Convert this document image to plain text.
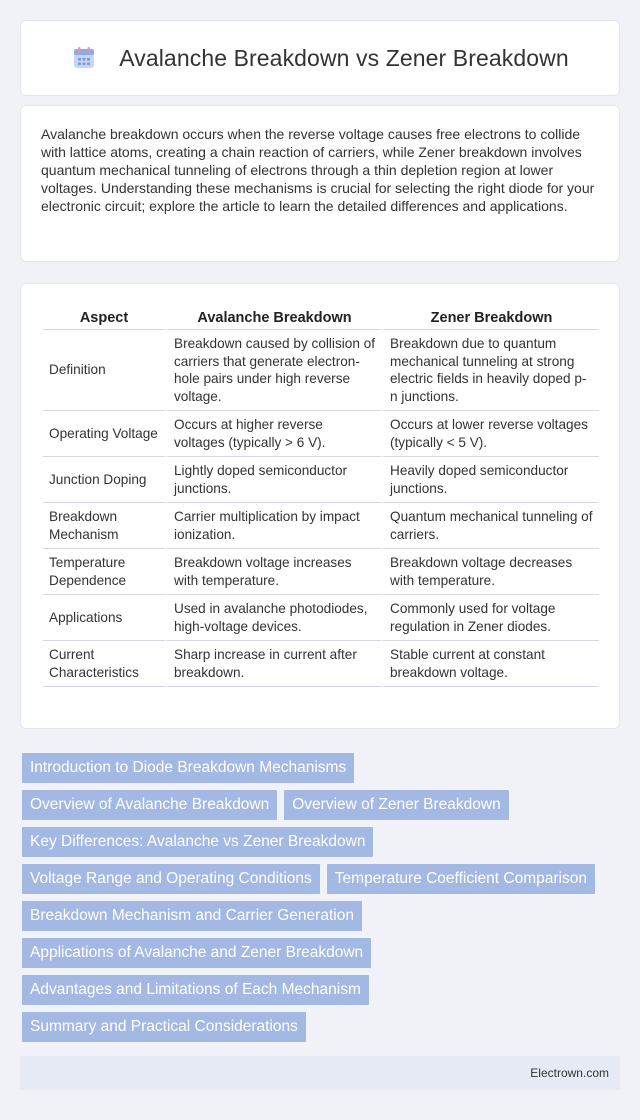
Avalanche Breakdown vs Zener Breakdown

Avalanche breakdown occurs when the reverse voltage causes free electrons to collide with lattice atoms, creating a chain reaction of carriers, while Zener breakdown involves quantum mechanical tunneling of electrons through a thin depletion region at lower voltages. Understanding these mechanisms is crucial for selecting the right diode for your electronic circuit; explore the article to learn the detailed differences and applications.

Aspect	Avalanche Breakdown	Zener Breakdown
Definition	Breakdown caused by collision of carriers that generate electron-hole pairs under high reverse voltage.	Breakdown due to quantum mechanical tunneling at strong electric fields in heavily doped p-n junctions.
Operating Voltage	Occurs at higher reverse voltages (typically > 6 V).	Occurs at lower reverse voltages (typically < 5 V).
Junction Doping	Lightly doped semiconductor junctions.	Heavily doped semiconductor junctions.
Breakdown Mechanism	Carrier multiplication by impact ionization.	Quantum mechanical tunneling of carriers.
Temperature Dependence	Breakdown voltage increases with temperature.	Breakdown voltage decreases with temperature.
Applications	Used in avalanche photodiodes, high-voltage devices.	Commonly used for voltage regulation in Zener diodes.
Current Characteristics	Sharp increase in current after breakdown.	Stable current at constant breakdown voltage.
Introduction to Diode Breakdown Mechanisms
Overview of Avalanche Breakdown	Overview of Zener Breakdown
Key Differences: Avalanche vs Zener Breakdown
Voltage Range and Operating Conditions	Temperature Coefficient Comparison
Breakdown Mechanism and Carrier Generation
Applications of Avalanche and Zener Breakdown
Advantages and Limitations of Each Mechanism
Summary and Practical Considerations
Electrown.com
